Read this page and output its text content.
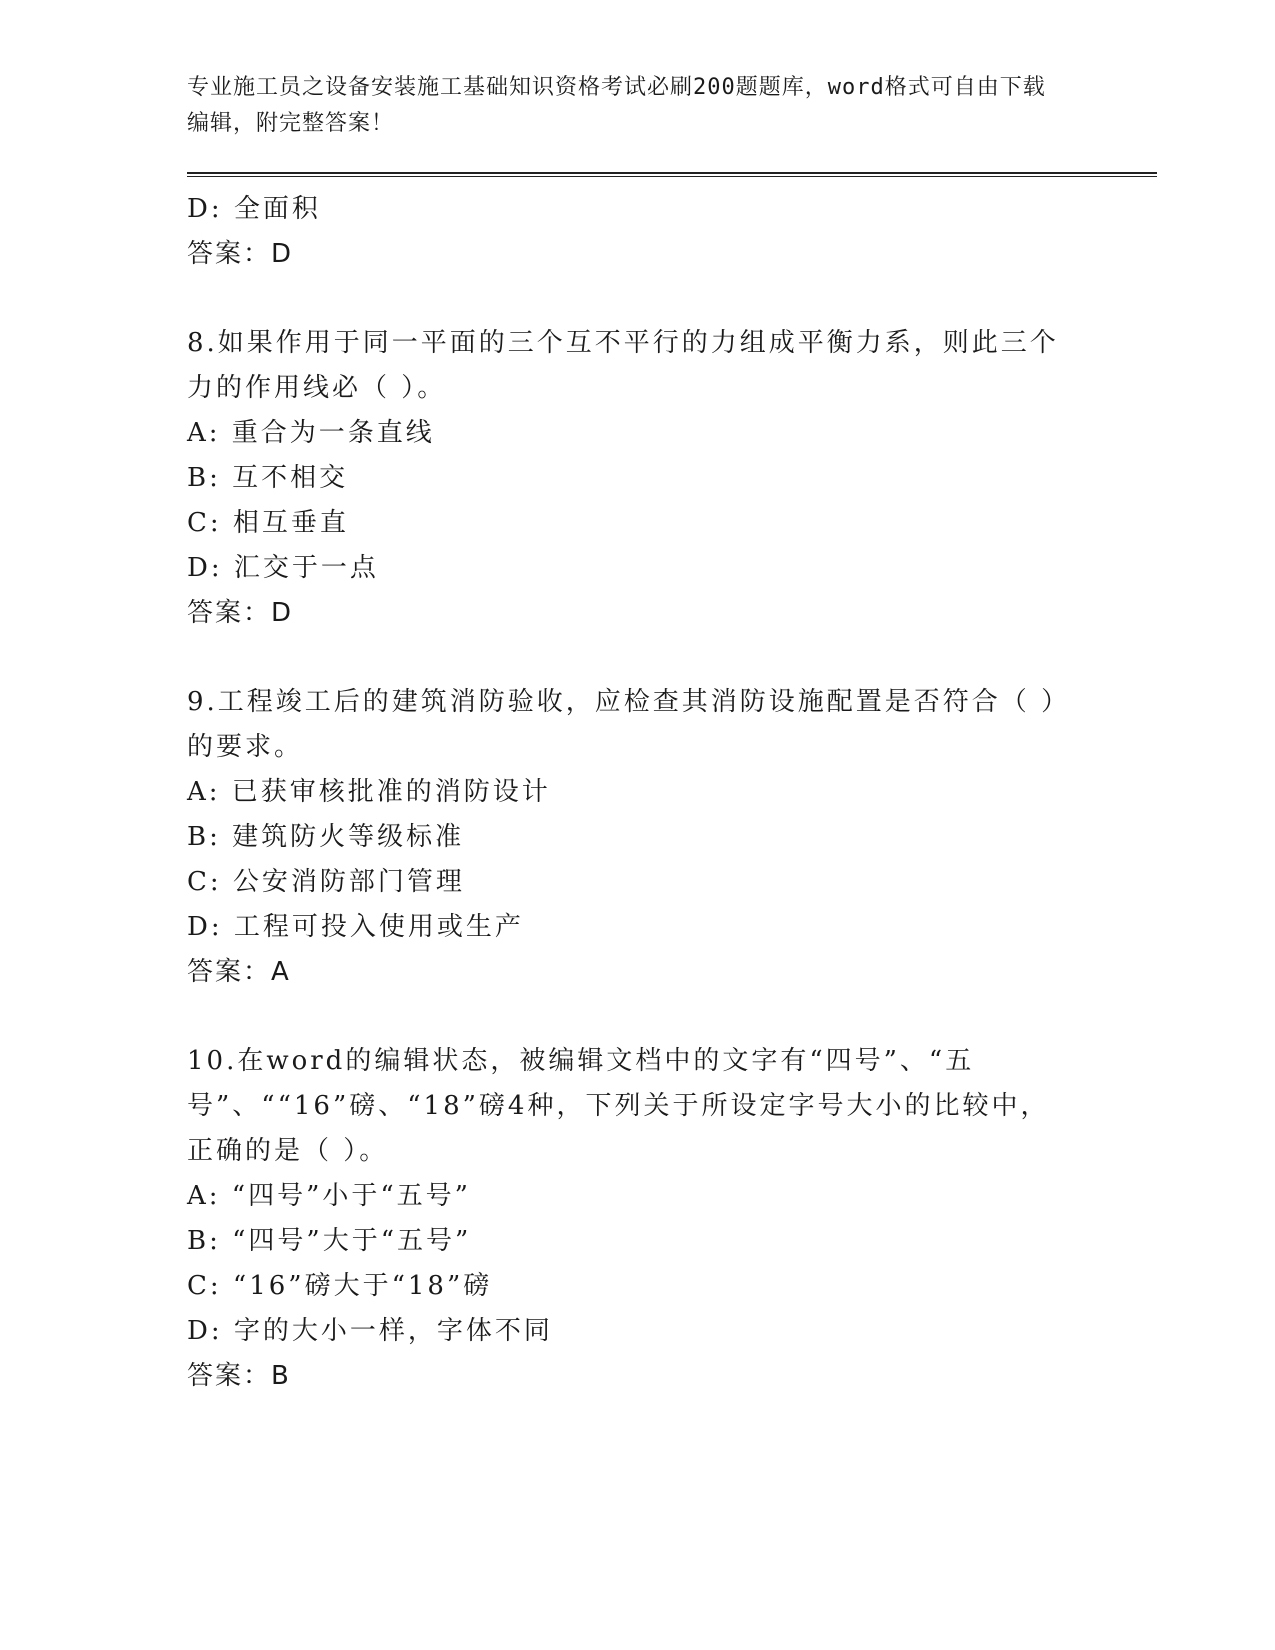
专业施工员之设备安装施工基础知识资格考试必刷200题题库，word格式可自由下载编辑，附完整答案！

D: 全面积

答案：D

8.如果作用于同一平面的三个互不平行的力组成平衡力系，则此三个力的作用线必（ ）。

A: 重合为一条直线

B: 互不相交

C: 相互垂直

D: 汇交于一点

答案：D

9.工程竣工后的建筑消防验收，应检查其消防设施配置是否符合（ ）的要求。

A: 已获审核批准的消防设计

B: 建筑防火等级标准

C: 公安消防部门管理

D: 工程可投入使用或生产

答案：A

10.在word的编辑状态，被编辑文档中的文字有“四号”、“五号”、““16”磅、“18”磅4种，下列关于所设定字号大小的比较中，正确的是（ ）。

A: “四号”小于“五号”

B: “四号”大于“五号”

C: “16”磅大于“18”磅

D: 字的大小一样，字体不同

答案：B
